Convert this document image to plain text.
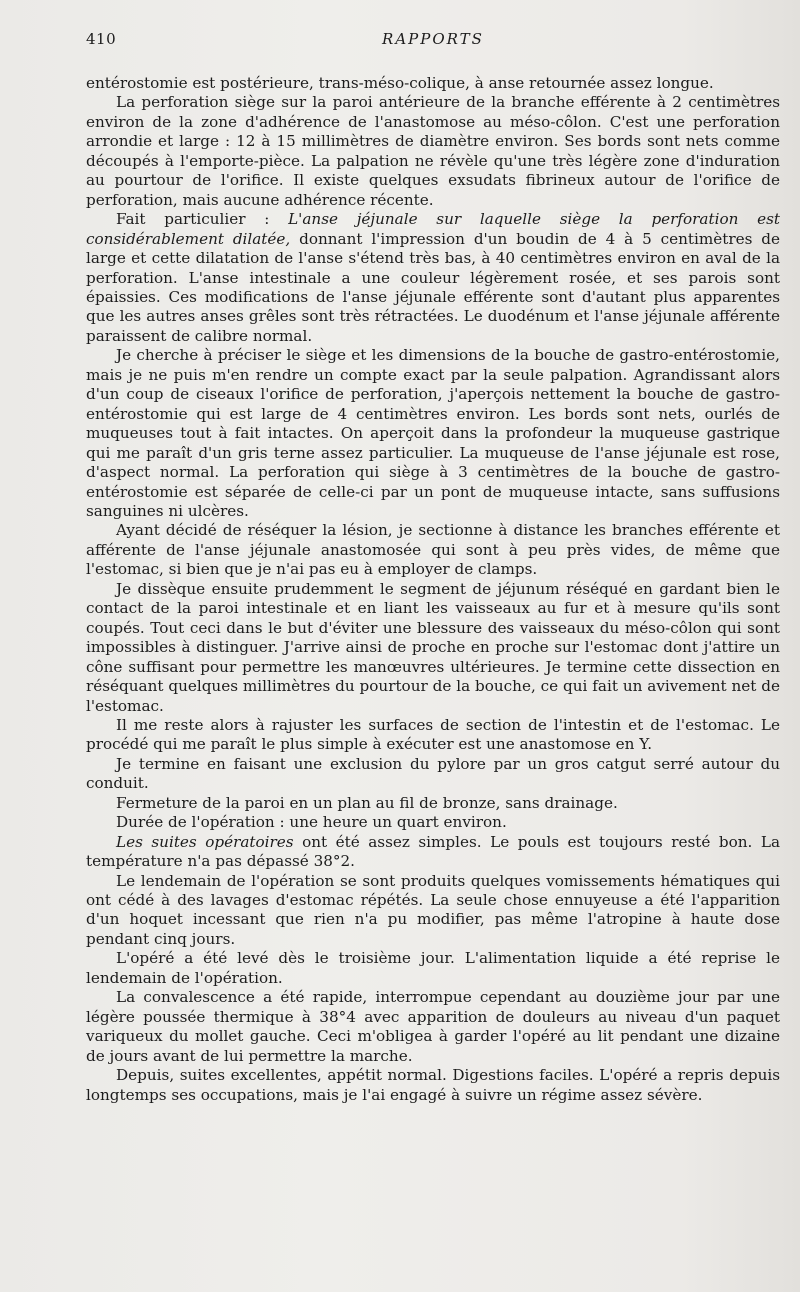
410	RAPPORTS

entérostomie est postérieure, trans-méso-colique, à anse retournée assez longue.

La perforation siège sur la paroi antérieure de la branche efférente à 2 centimètres environ de la zone d'adhérence de l'anastomose au méso-côlon. C'est une perforation arrondie et large : 12 à 15 millimètres de diamètre environ. Ses bords sont nets comme découpés à l'emporte-pièce. La palpation ne révèle qu'une très légère zone d'induration au pourtour de l'orifice. Il existe quelques exsudats fibrineux autour de l'orifice de perforation, mais aucune adhérence récente.

Fait particulier : L'anse jéjunale sur laquelle siège la perforation est considérablement dilatée, donnant l'impression d'un boudin de 4 à 5 centimètres de large et cette dilatation de l'anse s'étend très bas, à 40 centimètres environ en aval de la perforation. L'anse intestinale a une couleur légèrement rosée, et ses parois sont épaissies. Ces modifications de l'anse jéjunale efférente sont d'autant plus apparentes que les autres anses grêles sont très rétractées. Le duodénum et l'anse jéjunale afférente paraissent de calibre normal.

Je cherche à préciser le siège et les dimensions de la bouche de gastro-entérostomie, mais je ne puis m'en rendre un compte exact par la seule palpation. Agrandissant alors d'un coup de ciseaux l'orifice de perforation, j'aperçois nettement la bouche de gastro-entérostomie qui est large de 4 centimètres environ. Les bords sont nets, ourlés de muqueuses tout à fait intactes. On aperçoit dans la profondeur la muqueuse gastrique qui me paraît d'un gris terne assez particulier. La muqueuse de l'anse jéjunale est rose, d'aspect normal. La perforation qui siège à 3 centimètres de la bouche de gastro-entérostomie est séparée de celle-ci par un pont de muqueuse intacte, sans suffusions sanguines ni ulcères.

Ayant décidé de réséquer la lésion, je sectionne à distance les branches efférente et afférente de l'anse jéjunale anastomosée qui sont à peu près vides, de même que l'estomac, si bien que je n'ai pas eu à employer de clamps.

Je dissèque ensuite prudemment le segment de jéjunum réséqué en gardant bien le contact de la paroi intestinale et en liant les vaisseaux au fur et à mesure qu'ils sont coupés. Tout ceci dans le but d'éviter une blessure des vaisseaux du méso-côlon qui sont impossibles à distinguer. J'arrive ainsi de proche en proche sur l'estomac dont j'attire un cône suffisant pour permettre les manœuvres ultérieures. Je termine cette dissection en réséquant quelques millimètres du pourtour de la bouche, ce qui fait un avivement net de l'estomac.

Il me reste alors à rajuster les surfaces de section de l'intestin et de l'estomac. Le procédé qui me paraît le plus simple à exécuter est une anastomose en Y.

Je termine en faisant une exclusion du pylore par un gros catgut serré autour du conduit.

Fermeture de la paroi en un plan au fil de bronze, sans drainage.

Durée de l'opération : une heure un quart environ.

Les suites opératoires ont été assez simples. Le pouls est toujours resté bon. La température n'a pas dépassé 38°2.

Le lendemain de l'opération se sont produits quelques vomissements hématiques qui ont cédé à des lavages d'estomac répétés. La seule chose ennuyeuse a été l'apparition d'un hoquet incessant que rien n'a pu modifier, pas même l'atropine à haute dose pendant cinq jours.

L'opéré a été levé dès le troisième jour. L'alimentation liquide a été reprise le lendemain de l'opération.

La convalescence a été rapide, interrompue cependant au douzième jour par une légère poussée thermique à 38°4 avec apparition de douleurs au niveau d'un paquet variqueux du mollet gauche. Ceci m'obligea à garder l'opéré au lit pendant une dizaine de jours avant de lui permettre la marche.

Depuis, suites excellentes, appétit normal. Digestions faciles. L'opéré a repris depuis longtemps ses occupations, mais je l'ai engagé à suivre un régime assez sévère.
